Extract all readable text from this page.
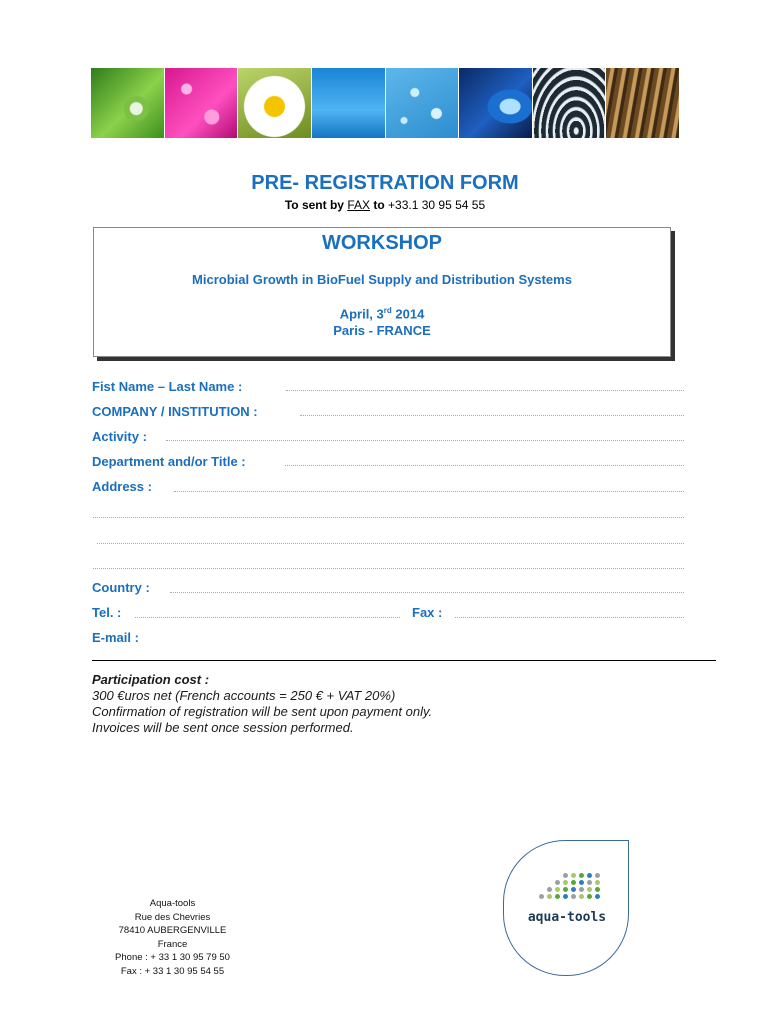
PRE- REGISTRATION FORM
To sent by FAX to +33.1 30 95 54 55
WORKSHOP
Microbial Growth in BioFuel Supply and Distribution Systems
April, 3rd 2014
Paris - FRANCE
Fist Name – Last Name :
COMPANY / INSTITUTION :
Activity :
Department and/or Title :
Address :
Country :
Tel. :	Fax :
E-mail :
Participation cost :
300 €uros net (French accounts = 250 € + VAT 20%)
Confirmation of registration will be sent upon payment only.
Invoices will be sent once session performed.
Aqua-tools
Rue des Chevries
78410 AUBERGENVILLE
France
Phone : + 33 1 30 95 79 50
Fax : + 33 1 30 95 54 55
aqua-tools
